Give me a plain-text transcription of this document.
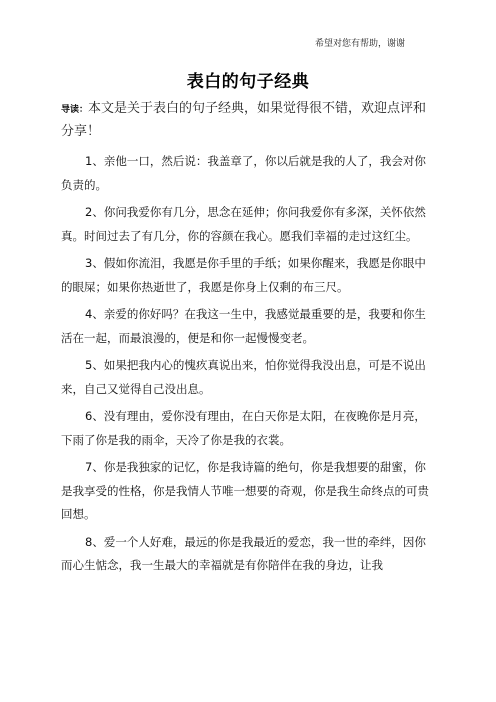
希望对您有帮助，谢谢
表白的句子经典
导读：本文是关于表白的句子经典，如果觉得很不错，欢迎点评和分享！

1、亲他一口，然后说：我盖章了，你以后就是我的人了，我会对你负责的。

2、你问我爱你有几分，思念在延伸；你问我爱你有多深，关怀依然真。时间过去了有几分，你的容颜在我心。愿我们幸福的走过这红尘。

3、假如你流泪，我愿是你手里的手纸；如果你醒来，我愿是你眼中的眼屎；如果你热逝世了，我愿是你身上仅剩的布三尺。

4、亲爱的你好吗？在我这一生中，我感觉最重要的是，我要和你生活在一起，而最浪漫的，便是和你一起慢慢变老。

5、如果把我内心的愧疚真说出来，怕你觉得我没出息，可是不说出来，自己又觉得自己没出息。

6、没有理由，爱你没有理由，在白天你是太阳，在夜晚你是月亮，下雨了你是我的雨伞，天冷了你是我的衣裳。

7、你是我独家的记忆，你是我诗篇的绝句，你是我想要的甜蜜，你是我享受的性格，你是我情人节唯一想要的奇观，你是我生命终点的可贵回想。

8、爱一个人好难，最远的你是我最近的爱恋，我一世的牵绊，因你而心生惦念，我一生最大的幸福就是有你陪伴在我的身边，让我
